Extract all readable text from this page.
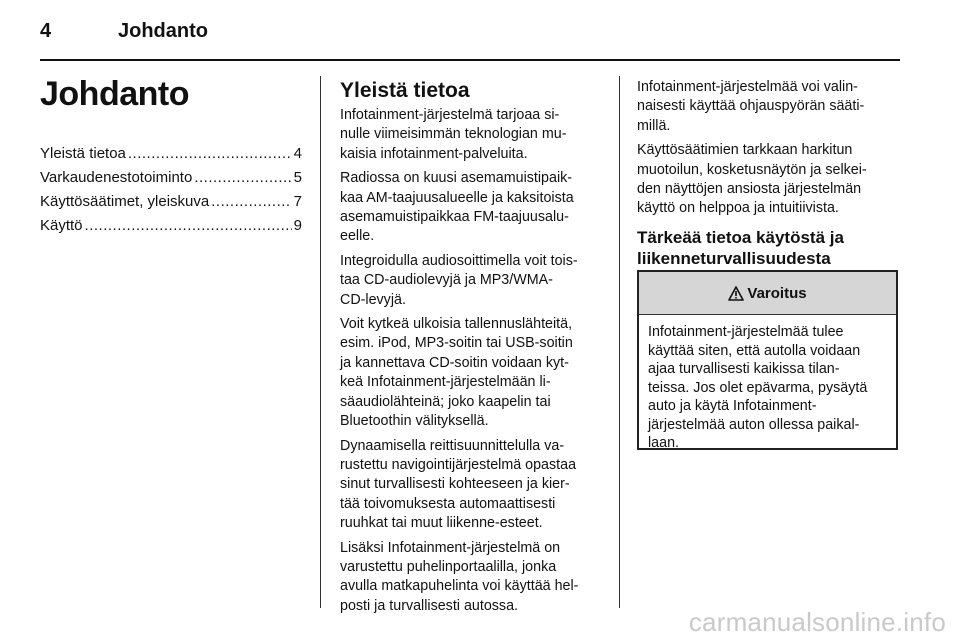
4	Johdanto
Johdanto
Yleistä tietoa .....	4
Varkaudenestotoiminto .....	5
Käyttösäätimet, yleiskuva .....	7
Käyttö .....	9
Yleistä tietoa

Infotainment-järjestelmä tarjoaa si-
nulle viimeisimmän teknologian mu-
kaisia infotainment-palveluita.

Radiossa on kuusi asemamuistipaik-
kaa AM-taajuusalueelle ja kaksitoista
asemamuistipaikkaa FM-taajuusalu-
eelle.

Integroidulla audiosoittimella voit tois-
taa CD-audiolevyjä ja MP3/WMA-
CD-levyjä.

Voit kytkeä ulkoisia tallennuslähteitä,
esim. iPod, MP3-soitin tai USB-soitin
ja kannettava CD-soitin voidaan kyt-
keä Infotainment-järjestelmään li-
säaudiolähteinä; joko kaapelin tai
Bluetoothin välityksellä.

Dynaamisella reittisuunnittelulla va-
rustettu navigointijärjestelmä opastaa
sinut turvallisesti kohteeseen ja kier-
tää toivomuksesta automaattisesti
ruuhkat tai muut liikenne-esteet.

Lisäksi Infotainment-järjestelmä on
varustettu puhelinportaalilla, jonka
avulla matkapuhelinta voi käyttää hel-
posti ja turvallisesti autossa.

Infotainment-järjestelmää voi valin-
naisesti käyttää ohjauspyörän sääti-
millä.

Käyttösäätimien tarkkaan harkitun
muotoilun, kosketusnäytön ja selkei-
den näyttöjen ansiosta järjestelmän
käyttö on helppoa ja intuitiivista.

Tärkeää tietoa käytöstä ja
liikenneturvallisuudesta
Varoitus
Infotainment-järjestelmää tulee
käyttää siten, että autolla voidaan
ajaa turvallisesti kaikissa tilan-
teissa. Jos olet epävarma, pysäytä
auto ja käytä Infotainment-
järjestelmää auton ollessa paikal-
laan.
carmanualsonline.info
